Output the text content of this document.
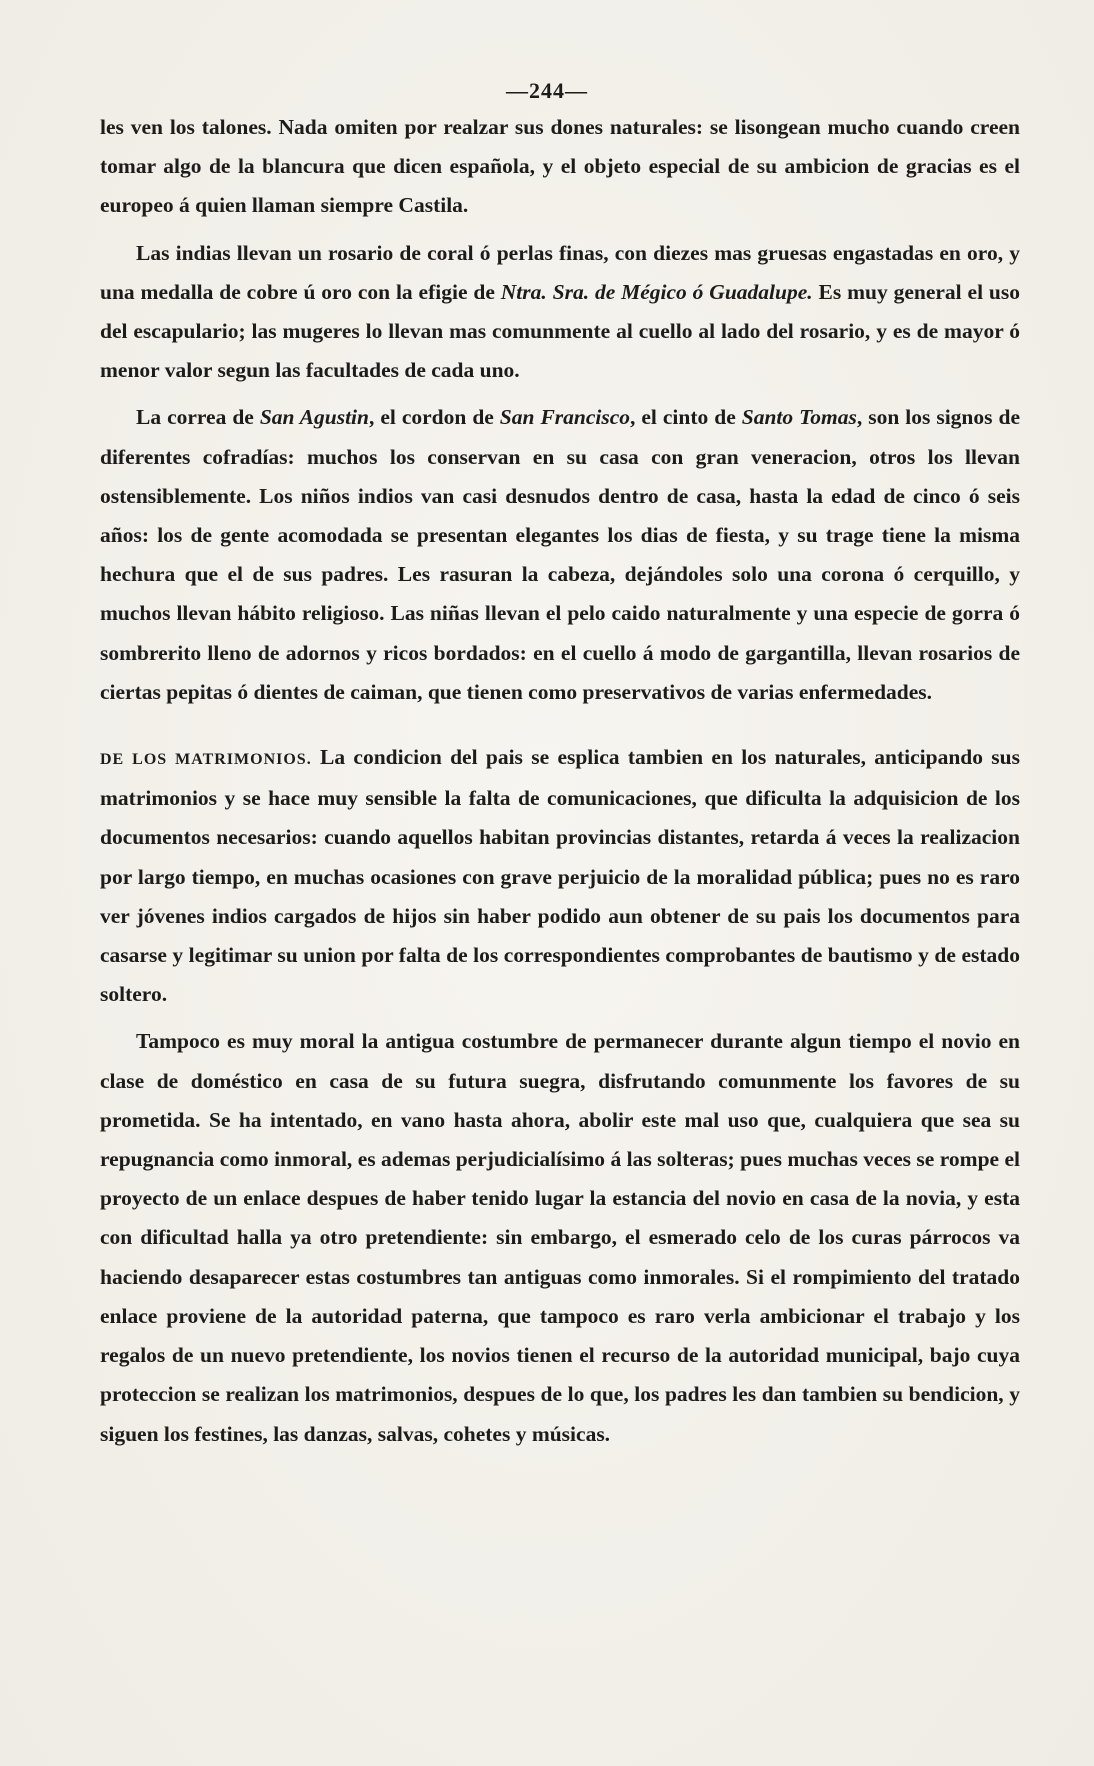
—244—

les ven los talones. Nada omiten por realzar sus dones naturales: se lisongean mucho cuando creen tomar algo de la blancura que dicen española, y el objeto especial de su ambicion de gracias es el europeo á quien llaman siempre Castila.

Las indias llevan un rosario de coral ó perlas finas, con diezes mas gruesas engastadas en oro, y una medalla de cobre ú oro con la efigie de Ntra. Sra. de Mégico ó Guadalupe. Es muy general el uso del escapulario; las mugeres lo llevan mas comunmente al cuello al lado del rosario, y es de mayor ó menor valor segun las facultades de cada uno.

La correa de San Agustin, el cordon de San Francisco, el cinto de Santo Tomas, son los signos de diferentes cofradías: muchos los conservan en su casa con gran veneracion, otros los llevan ostensiblemente. Los niños indios van casi desnudos dentro de casa, hasta la edad de cinco ó seis años: los de gente acomodada se presentan elegantes los dias de fiesta, y su trage tiene la misma hechura que el de sus padres. Les rasuran la cabeza, dejándoles solo una corona ó cerquillo, y muchos llevan hábito religioso. Las niñas llevan el pelo caido naturalmente y una especie de gorra ó sombrerito lleno de adornos y ricos bordados: en el cuello á modo de gargantilla, llevan rosarios de ciertas pepitas ó dientes de caiman, que tienen como preservativos de varias enfermedades.

DE LOS MATRIMONIOS. La condicion del pais se esplica tambien en los naturales, anticipando sus matrimonios y se hace muy sensible la falta de comunicaciones, que dificulta la adquisicion de los documentos necesarios: cuando aquellos habitan provincias distantes, retarda á veces la realizacion por largo tiempo, en muchas ocasiones con grave perjuicio de la moralidad pública; pues no es raro ver jóvenes indios cargados de hijos sin haber podido aun obtener de su pais los documentos para casarse y legitimar su union por falta de los correspondientes comprobantes de bautismo y de estado soltero.

Tampoco es muy moral la antigua costumbre de permanecer durante algun tiempo el novio en clase de doméstico en casa de su futura suegra, disfrutando comunmente los favores de su prometida. Se ha intentado, en vano hasta ahora, abolir este mal uso que, cualquiera que sea su repugnancia como inmoral, es ademas perjudicialísimo á las solteras; pues muchas veces se rompe el proyecto de un enlace despues de haber tenido lugar la estancia del novio en casa de la novia, y esta con dificultad halla ya otro pretendiente: sin embargo, el esmerado celo de los curas párrocos va haciendo desaparecer estas costumbres tan antiguas como inmorales. Si el rompimiento del tratado enlace proviene de la autoridad paterna, que tampoco es raro verla ambicionar el trabajo y los regalos de un nuevo pretendiente, los novios tienen el recurso de la autoridad municipal, bajo cuya proteccion se realizan los matrimonios, despues de lo que, los padres les dan tambien su bendicion, y siguen los festines, las danzas, salvas, cohetes y músicas.
